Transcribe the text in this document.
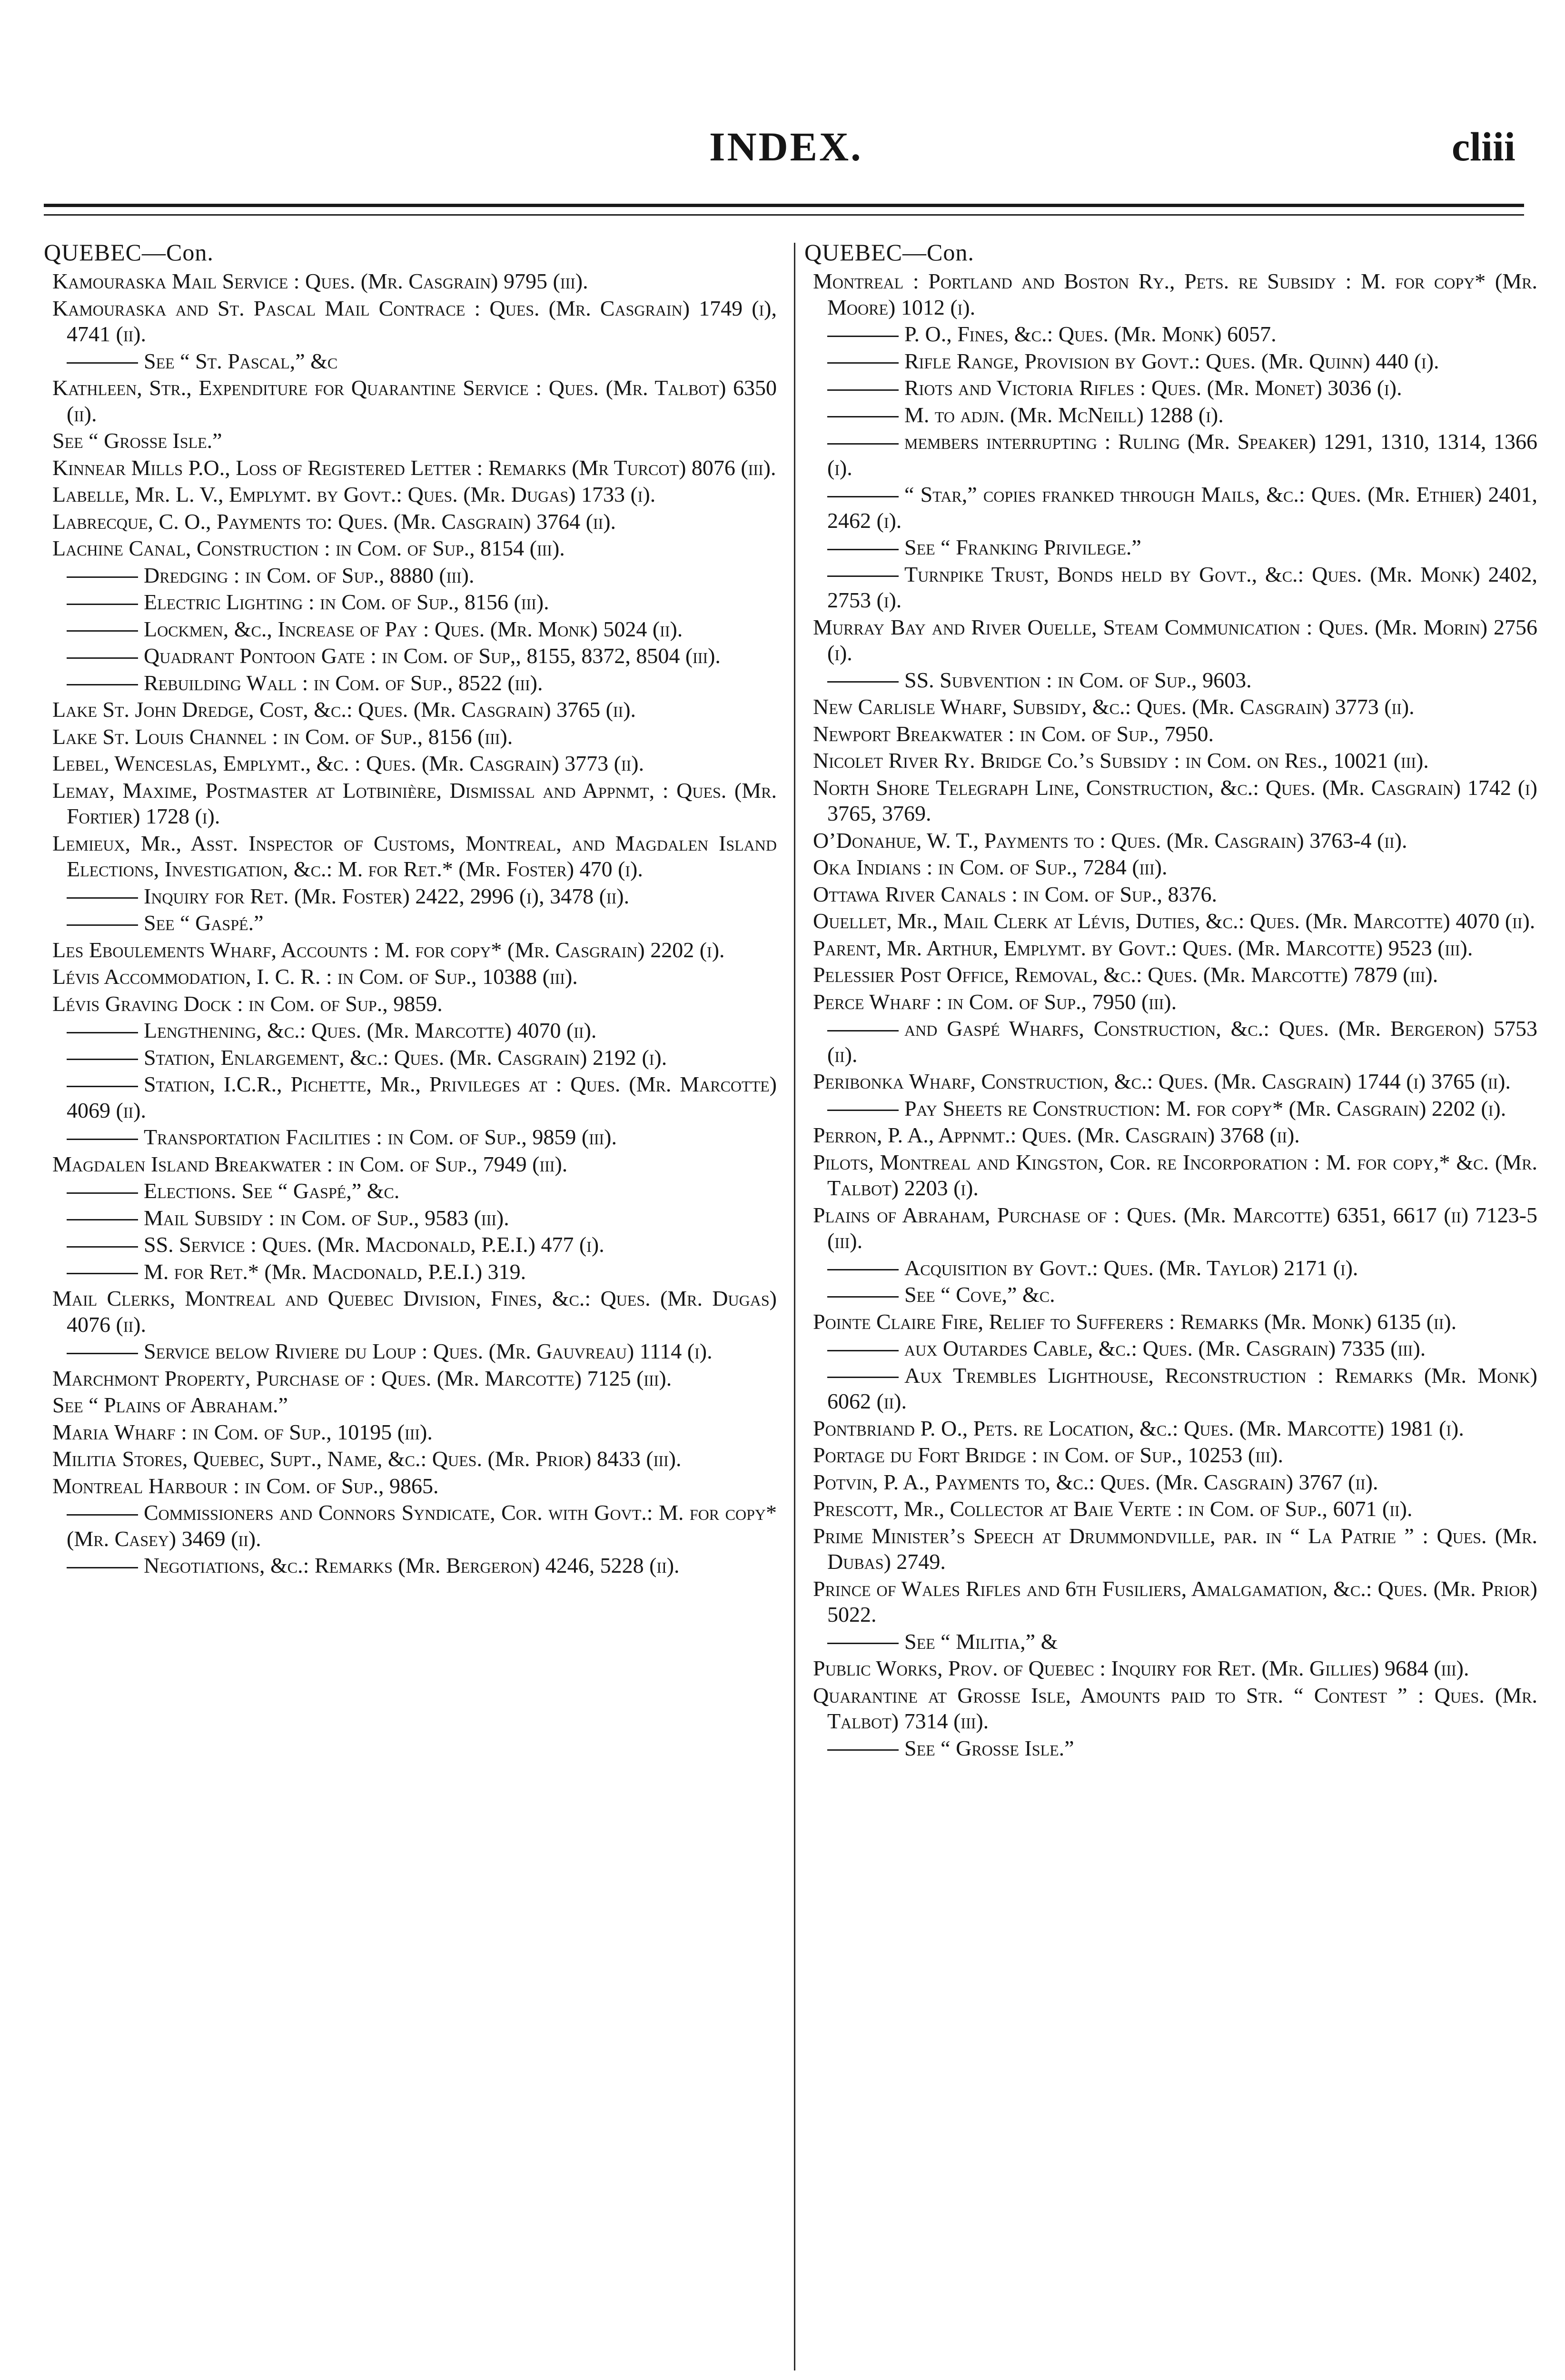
INDEX.	cliii
QUEBEC—Con.

Kamouraska Mail Service : Ques. (Mr. Casgrain) 9795 (iii).

Kamouraska and St. Pascal Mail Contrace : Ques. (Mr. Casgrain) 1749 (i), 4741 (ii).

See “ St. Pascal,” &c

Kathleen, Str., Expenditure for Quarantine Service : Ques. (Mr. Talbot) 6350 (ii).

See “ Grosse Isle.”

Kinnear Mills P.O., Loss of Registered Letter : Remarks (Mr Turcot) 8076 (iii).

Labelle, Mr. L. V., Emplymt. by Govt.: Ques. (Mr. Dugas) 1733 (i).

Labrecque, C. O., Payments to: Ques. (Mr. Casgrain) 3764 (ii).

Lachine Canal, Construction : in Com. of Sup., 8154 (iii).

Dredging : in Com. of Sup., 8880 (iii).

Electric Lighting : in Com. of Sup., 8156 (iii).

Lockmen, &c., Increase of Pay : Ques. (Mr. Monk) 5024 (ii).

Quadrant Pontoon Gate : in Com. of Sup,, 8155, 8372, 8504 (iii).

Rebuilding Wall : in Com. of Sup., 8522 (iii).

Lake St. John Dredge, Cost, &c.: Ques. (Mr. Casgrain) 3765 (ii).

Lake St. Louis Channel : in Com. of Sup., 8156 (iii).

Lebel, Wenceslas, Emplymt., &c. : Ques. (Mr. Casgrain) 3773 (ii).

Lemay, Maxime, Postmaster at Lotbinière, Dismissal and Appnmt, : Ques. (Mr. Fortier) 1728 (i).

Lemieux, Mr., Asst. Inspector of Customs, Montreal, and Magdalen Island Elections, Investigation, &c.: M. for Ret.* (Mr. Foster) 470 (i).

Inquiry for Ret. (Mr. Foster) 2422, 2996 (i), 3478 (ii).

See “ Gaspé.”

Les Eboulements Wharf, Accounts : M. for copy* (Mr. Casgrain) 2202 (i).

Lévis Accommodation, I. C. R. : in Com. of Sup., 10388 (iii).

Lévis Graving Dock : in Com. of Sup., 9859.

Lengthening, &c.: Ques. (Mr. Marcotte) 4070 (ii).

Station, Enlargement, &c.: Ques. (Mr. Casgrain) 2192 (i).

Station, I.C.R., Pichette, Mr., Privileges at : Ques. (Mr. Marcotte) 4069 (ii).

Transportation Facilities : in Com. of Sup., 9859 (iii).

Magdalen Island Breakwater : in Com. of Sup., 7949 (iii).

Elections. See “ Gaspé,” &c.

Mail Subsidy : in Com. of Sup., 9583 (iii).

SS. Service : Ques. (Mr. Macdonald, P.E.I.) 477 (i).

M. for Ret.* (Mr. Macdonald, P.E.I.) 319.

Mail Clerks, Montreal and Quebec Division, Fines, &c.: Ques. (Mr. Dugas) 4076 (ii).

Service below Riviere du Loup : Ques. (Mr. Gauvreau) 1114 (i).

Marchmont Property, Purchase of : Ques. (Mr. Marcotte) 7125 (iii).

See “ Plains of Abraham.”

Maria Wharf : in Com. of Sup., 10195 (iii).

Militia Stores, Quebec, Supt., Name, &c.: Ques. (Mr. Prior) 8433 (iii).

Montreal Harbour : in Com. of Sup., 9865.

Commissioners and Connors Syndicate, Cor. with Govt.: M. for copy* (Mr. Casey) 3469 (ii).

Negotiations, &c.: Remarks (Mr. Bergeron) 4246, 5228 (ii).

QUEBEC—Con.

Montreal : Portland and Boston Ry., Pets. re Subsidy : M. for copy* (Mr. Moore) 1012 (i).

P. O., Fines, &c.: Ques. (Mr. Monk) 6057.

Rifle Range, Provision by Govt.: Ques. (Mr. Quinn) 440 (i).

Riots and Victoria Rifles : Ques. (Mr. Monet) 3036 (i).

M. to adjn. (Mr. McNeill) 1288 (i).

members interrupting : Ruling (Mr. Speaker) 1291, 1310, 1314, 1366 (i).

“ Star,” copies franked through Mails, &c.: Ques. (Mr. Ethier) 2401, 2462 (i).

See “ Franking Privilege.”

Turnpike Trust, Bonds held by Govt., &c.: Ques. (Mr. Monk) 2402, 2753 (i).

Murray Bay and River Ouelle, Steam Communication : Ques. (Mr. Morin) 2756 (i).

SS. Subvention : in Com. of Sup., 9603.

New Carlisle Wharf, Subsidy, &c.: Ques. (Mr. Casgrain) 3773 (ii).

Newport Breakwater : in Com. of Sup., 7950.

Nicolet River Ry. Bridge Co.’s Subsidy : in Com. on Res., 10021 (iii).

North Shore Telegraph Line, Construction, &c.: Ques. (Mr. Casgrain) 1742 (i) 3765, 3769.

O’Donahue, W. T., Payments to : Ques. (Mr. Casgrain) 3763-4 (ii).

Oka Indians : in Com. of Sup., 7284 (iii).

Ottawa River Canals : in Com. of Sup., 8376.

Ouellet, Mr., Mail Clerk at Lévis, Duties, &c.: Ques. (Mr. Marcotte) 4070 (ii).

Parent, Mr. Arthur, Emplymt. by Govt.: Ques. (Mr. Marcotte) 9523 (iii).

Pelessier Post Office, Removal, &c.: Ques. (Mr. Marcotte) 7879 (iii).

Perce Wharf : in Com. of Sup., 7950 (iii).

and Gaspé Wharfs, Construction, &c.: Ques. (Mr. Bergeron) 5753 (ii).

Peribonka Wharf, Construction, &c.: Ques. (Mr. Casgrain) 1744 (i) 3765 (ii).

Pay Sheets re Construction: M. for copy* (Mr. Casgrain) 2202 (i).

Perron, P. A., Appnmt.: Ques. (Mr. Casgrain) 3768 (ii).

Pilots, Montreal and Kingston, Cor. re Incorporation : M. for copy,* &c. (Mr. Talbot) 2203 (i).

Plains of Abraham, Purchase of : Ques. (Mr. Marcotte) 6351, 6617 (ii) 7123-5 (iii).

Acquisition by Govt.: Ques. (Mr. Taylor) 2171 (i).

See “ Cove,” &c.

Pointe Claire Fire, Relief to Sufferers : Remarks (Mr. Monk) 6135 (ii).

aux Outardes Cable, &c.: Ques. (Mr. Casgrain) 7335 (iii).

Aux Trembles Lighthouse, Reconstruction : Remarks (Mr. Monk) 6062 (ii).

Pontbriand P. O., Pets. re Location, &c.: Ques. (Mr. Marcotte) 1981 (i).

Portage du Fort Bridge : in Com. of Sup., 10253 (iii).

Potvin, P. A., Payments to, &c.: Ques. (Mr. Casgrain) 3767 (ii).

Prescott, Mr., Collector at Baie Verte : in Com. of Sup., 6071 (ii).

Prime Minister’s Speech at Drummondville, par. in “ La Patrie ” : Ques. (Mr. Dubas) 2749.

Prince of Wales Rifles and 6th Fusiliers, Amalgamation, &c.: Ques. (Mr. Prior) 5022.

See “ Militia,” &

Public Works, Prov. of Quebec : Inquiry for Ret. (Mr. Gillies) 9684 (iii).

Quarantine at Grosse Isle, Amounts paid to Str. “ Contest ” : Ques. (Mr. Talbot) 7314 (iii).

See “ Grosse Isle.”
